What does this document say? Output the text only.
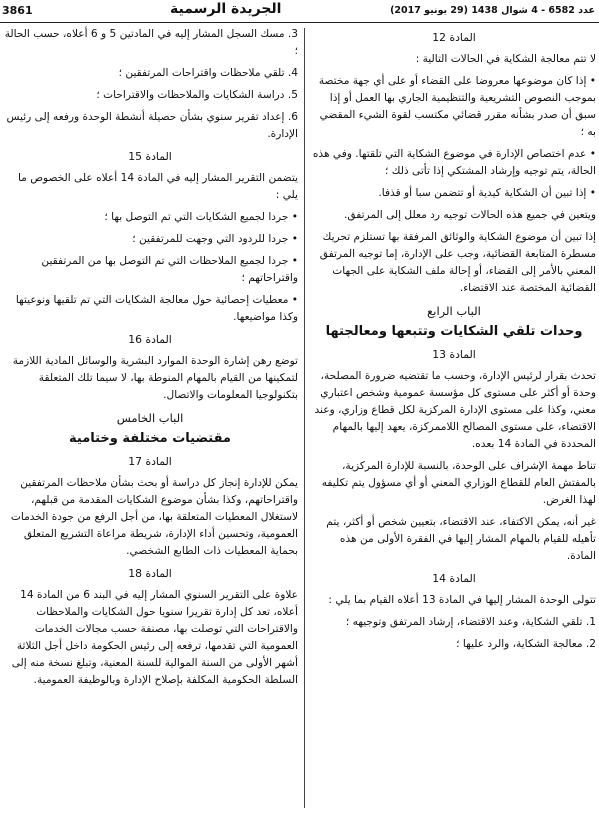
3861	الجريدة الرسمية	عدد 6582 - 4 شوال 1438 (29 يونيو 2017)
المادة 12
لا تتم معالجة الشكاية في الحالات التالية :
• إذا كان موضوعها معروضا على القضاء أو على أي جهة مختصة بموجب النصوص التشريعية والتنظيمية الجاري بها العمل أو إذا سبق أن صدر بشأنه مقرر قضائي مكتسب لقوة الشيء المقضي به ؛
• عدم اختصاص الإدارة في موضوع الشكاية التي تلقتها. وفي هذه الحالة، يتم توجيه وإرشاد المشتكي إذا تأتى ذلك ؛
• إذا تبين أن الشكاية كيدية أو تتضمن سبا أو قذفا.
ويتعين في جميع هذه الحالات توجيه رد معلل إلى المرتفق.
إذا تبين أن موضوع الشكاية والوثائق المرفقة بها تستلزم تحريك مسطرة المتابعة القضائية، وجب على الإدارة، إما توجيه المرتفق المعني بالأمر إلى القضاء، أو إحالة ملف الشكاية على الجهات القضائية المختصة عند الاقتضاء.
الباب الرابع
وحدات تلقي الشكايات وتتبعها ومعالجتها
المادة 13
تحدث بقرار لرئيس الإدارة، وحسب ما تقتضيه ضرورة المصلحة، وحدة أو أكثر على مستوى كل مؤسسة عمومية وشخص اعتباري معني، وكذا على مستوى الإدارة المركزية لكل قطاع وزاري، وعند الاقتضاء، على مستوى المصالح اللاممركزة، يعهد إليها بالمهام المحددة في المادة 14 بعده.
تناط مهمة الإشراف على الوحدة، بالنسبة للإدارة المركزية، بالمفتش العام للقطاع الوزاري المعني أو أي مسؤول يتم تكليفه لهذا الغرض.
غير أنه، يمكن الاكتفاء، عند الاقتضاء، بتعيين شخص أو أكثر، يتم تأهيله للقيام بالمهام المشار إليها في الفقرة الأولى من هذه المادة.
المادة 14
تتولى الوحدة المشار إليها في المادة 13 أعلاه القيام بما يلي :
1. تلقي الشكاية، وعند الاقتضاء، إرشاد المرتفق وتوجيهه ؛
2. معالجة الشكاية، والرد عليها ؛
3. مسك السجل المشار إليه في المادتين 5 و 6 أعلاه، حسب الحالة ؛
4. تلقي ملاحظات واقتراحات المرتفقين ؛
5. دراسة الشكايات والملاحظات والاقتراحات ؛
6. إعداد تقرير سنوي بشأن حصيلة أنشطة الوحدة ورفعه إلى رئيس الإدارة.
المادة 15
يتضمن التقرير المشار إليه في المادة 14 أعلاه على الخصوص ما يلي :
• جردا لجميع الشكايات التي تم التوصل بها ؛
• جردا للردود التي وجهت للمرتفقين ؛
• جردا لجميع الملاحظات التي تم التوصل بها من المرتفقين واقتراحاتهم ؛
• معطيات إحصائية حول معالجة الشكايات التي تم تلقيها ونوعيتها وكذا مواضيعها.
المادة 16
توضع رهن إشارة الوحدة الموارد البشرية والوسائل المادية اللازمة لتمكينها من القيام بالمهام المنوطة بها، لا سيما تلك المتعلقة بتكنولوجيا المعلومات والاتصال.
الباب الخامس
مقتضيات مختلفة وختامية
المادة 17
يمكن للإدارة إنجاز كل دراسة أو بحث بشأن ملاحظات المرتفقين واقتراحاتهم، وكذا بشأن موضوع الشكايات المقدمة من قبلهم، لاستغلال المعطيات المتعلقة بها، من أجل الرفع من جودة الخدمات العمومية، وتحسين أداء الإدارة، شريطة مراعاة التشريع المتعلق بحماية المعطيات ذات الطابع الشخصي.
المادة 18
علاوة على التقرير السنوي المشار إليه في البند 6 من المادة 14 أعلاه، تعد كل إدارة تقريرا سنويا حول الشكايات والملاحظات والاقتراحات التي توصلت بها، مصنفة حسب مجالات الخدمات العمومية التي تقدمها، ترفعه إلى رئيس الحكومة داخل أجل الثلاثة أشهر الأولى من السنة الموالية للسنة المعنية، وتبلغ نسخة منه إلى السلطة الحكومية المكلفة بإصلاح الإدارة وبالوظيفة العمومية.
